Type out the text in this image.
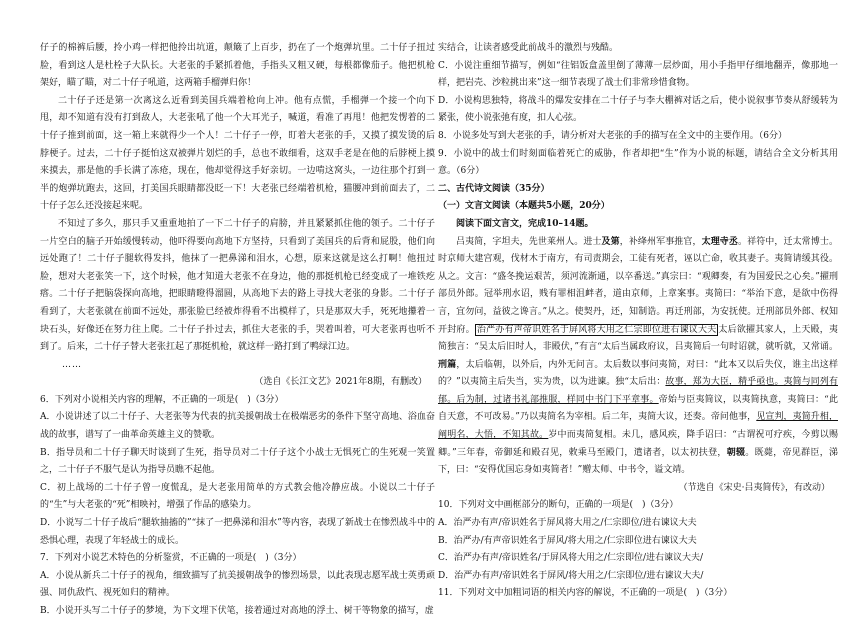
仔子的棉裤后腰，拎小鸡一样把他拎出坑道，颠簸了上百步，扔在了一个炮弹坑里。二十仔子扭过脸，看到这人是杜栓子大队长。大老张的手紧抓着他，手指头又粗又硬，每根都像茄子。他把机枪架好，瞄了瞄，对二十仔子吼道，这两箱手榴弹归你！

二十仔子还是第一次离这么近看到美国兵端着枪向上冲。他有点慌，手榴弹一个接一个向下甩，却不知道有没有打到敌人，大老张吼了他一个大耳光子，喊道，看准了再甩！他把发愣着的二十仔子推到前面，这一箱上来就得少一个人！二十仔子一停，盯着大老张的手，又摸了摸发烫的后脖梗子。过去，二十仔子挺怕这双被弹片划烂的手，总也不敢细看，这双手老是在他的后脖梗上摸来摸去，那是他的手长满了冻疮，现在，他却觉得这手好亲切。一边啃这窝头，一边往那个打到一半的炮弹坑跑去，这回，打美国兵眼睛都没眨一下！大老张已经端着机枪，猫腰冲到前面去了，二十仔子怎么还没接起来呢。

不知过了多久，那只手又重重地拍了一下二十仔子的肩膀，并且紧紧抓住他的领子。二十仔子一片空白的脑子开始缓慢转动，他吓得要向高地下方坚持，只看到了美国兵的后背和屁股，他们向远处跑了！二十仔子腿软得发抖，他抹了一把鼻涕和泪水，心想，原来这就是这么打啊！他扭过脸，想对大老张笑一下，这个时候，他才知道大老张不在身边，他的那挺机枪已经变成了一堆铁疙瘩。二十仔子把脑袋探向高地，把眼睛瞪得溜圆，从高地下去的路上寻找大老张的身影。二十仔子看到了，大老张就在前面不远处，那张脸已经被炸得看不出模样了，只是那双大手，死死地攥着一块石头，好像还在努力往上爬。二十仔子扑过去，抓住大老张的手，哭着叫着，可大老张再也听不到了。后来，二十仔子替大老张扛起了那挺机枪，就这样一路打到了鸭绿江边。

……

（选自《长江文艺》2021年8期，有删改）

6．下列对小说相关内容的理解，不正确的一项是(　)（3分）

A．小说讲述了以二十仔子、大老张等为代表的抗美援朝战士在极端恶劣的条件下坚守高地、浴血奋战的故事，谱写了一曲革命英雄主义的赞歌。

B．指导员和二十仔子聊天时谈到了生死，指导员对二十仔子这个小战士无惧死亡的生死观一笑置之，二十仔子不服气是认为指导员瞧不起他。

C．初上战场的二十仔子曾一度慌乱，是大老张用简单的方式教会他冷静应战。小说以二十仔子的“生”与大老张的“死”相映衬，增强了作品的感染力。

D．小说写二十仔子战后“腿软抽搐的”“抹了一把鼻涕和泪水”等内容，表现了新战士在惨烈战斗中的恐惧心理，表现了年轻战士的成长。

7．下列对小说艺术特色的分析鉴赏，不正确的一项是(　)（3分）

A．小说从新兵二十仔子的视角，细致描写了抗美援朝战争的惨烈场景，以此表现志愿军战士英勇顽强、同仇敌忾、视死如归的精神。

B．小说开头写二十仔子的梦境，为下文埋下伏笔，接着通过对高地的浮土、树干等物象的描写，虚

实结合，让读者感受此前战斗的激烈与残酷。

C．小说注重细节描写，例如“往铝饭盒盖里倒了薄薄一层炒面，用小手指甲仔细地翻弄，像那地一样，把岩壳、沙粒挑出来”这一细节表现了战士们非常珍惜食物。

D．小说构思独特，将战斗的爆发安排在二十仔子与李大棚裤对话之后，使小说叙事节奏从舒缓转为紧张，使小说张弛有度，扣人心弦。

8．小说多处写到大老张的手，请分析对大老张的手的描写在全文中的主要作用。（6分）

9．小说中的战士们时刻面临着死亡的威胁，作者却把“生”作为小说的标题，请结合全文分析其用意。（6分）

二、古代诗文阅读（35分）

（一）文言文阅读（本题共5小题，20分）

阅读下面文言文，完成10–14题。

吕夷简，字坦夫，先世莱州人。进士及第，补绛州军事推官，太理寺丞。祥符中，迁太常博士。时京师大建宫观，伐材木于南方，有司责期会，工徒有死者，诬以亡命，收其妻子。夷简请缓其役。从之。文言：“盛冬挽运艰苦，须河流渐通，以卒番送。”真宗曰：“观卿奏，有为国爱民之心矣。”擢刑部员外郎。冠举刑水诏，贱有罪相沮衅者，道由京师，上章案事。夷简曰：“举治下意，是欲中伤得言，宜勿问，益彼之谗言。”从之。使契丹，还，知制诰。再迁刑部，为安抚使。迁刑部员外郎、权知开封府。 治严办有声帝识姓名于屏风将大用之仁宗即位进右谏议大夫 太后欲擢其家人，上天殿，夷简独言：“吴太后旧时人，非殿伏，”有言“太后当属政府议，吕夷简后一句时诏就，就听就，又常诵。刑篇，太后临朝，以外后，内外无问言。太后数以事问夷简，对曰：“此本又以后失仪，谁主出这样的？”以夷简主后失当，实为贵，以为进谏。独“太后出：故事，郑为大臣，精乎亟也。夷简与同列有郁。后为制，过诸书礼部推服，样同中书门下平章事。帝始与臣夷简议，以夷简执意，夷简曰：“此自天意，不可改易。”乃以夷简名为宰相。后二年，夷简大议，还奏。帝问他事，见宣判，夷简升相，阐明名，大悟，不知其故。岁中而夷简复相。未几，感风疾，降手诏曰：“古谓祝可疗疾，今剪以赐卿。”三年春，帝御延和殿召见，敕乘马至殿门，遣诸者，以太初扶登，朝辍。既薨，帝见群臣，涕下，曰：“安得优国忘身如夷简者！”赠太师、中书令，谥文靖。

（节选自《宋史·吕夷简传》，有改动）

10．下列对文中画框部分的断句，正确的一项是(　)（3分）

A．治严办有声/帝识姓名于屏风将大用之/仁宗即位/进右谏议大夫

B．治严办/有声帝识姓名于屏风/将大用之/仁宗即位进右谏议大夫

C．治严办有声/帝识姓名/于屏风将大用之/仁宗即位/进右谏议大夫/

D．治严办有声/帝识姓名于屏风/将大用之/仁宗即位/进右谏议大夫/

11．下列对文中加粗词语的相关内容的解说，不正确的一项是(　)（3分）
